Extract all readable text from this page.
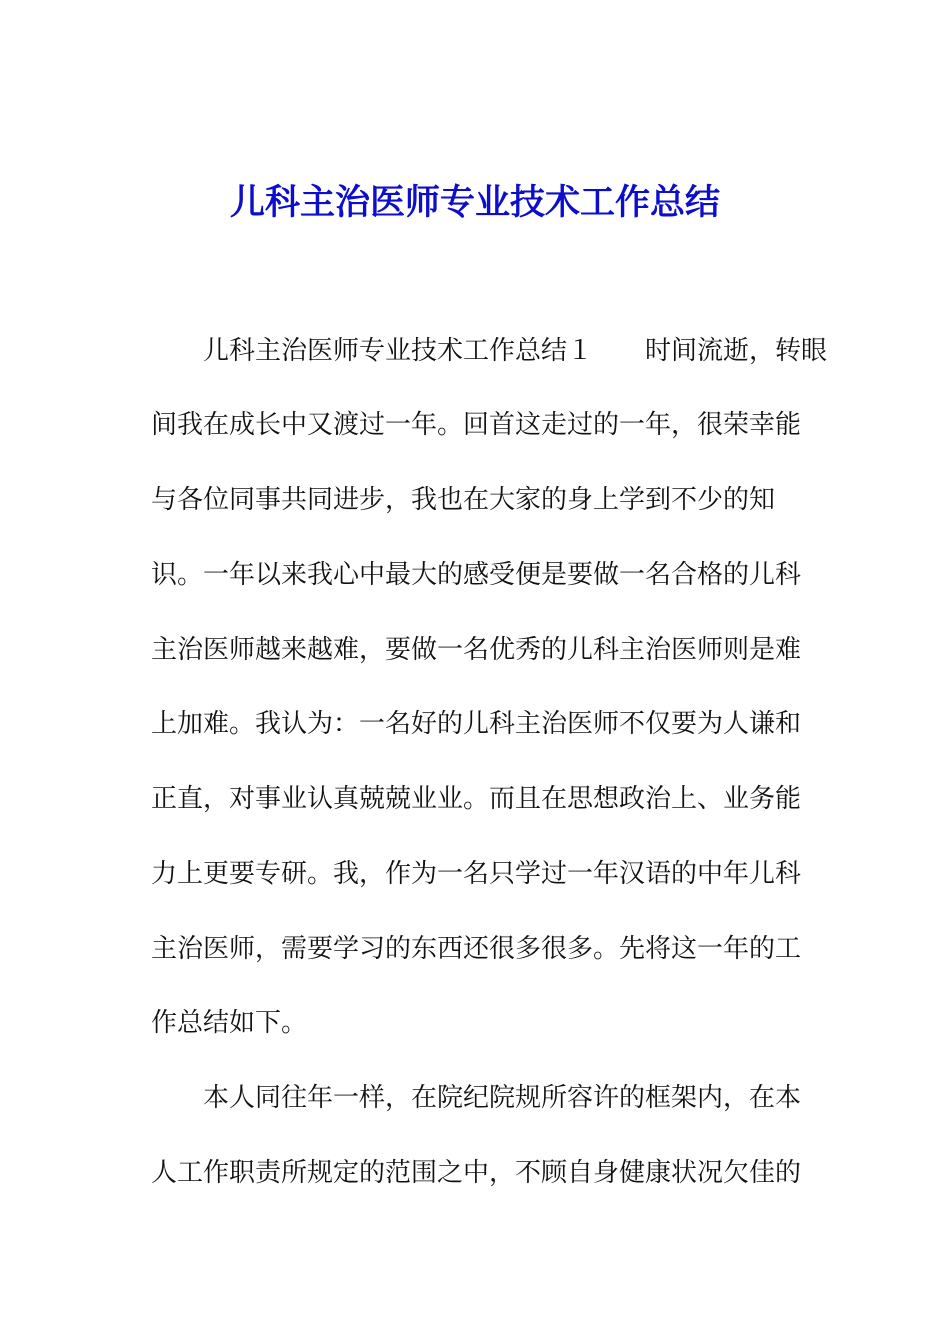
儿科主治医师专业技术工作总结

儿科主治医师专业技术工作总结１ 时间流逝，转眼

间我在成长中又渡过一年。回首这走过的一年，很荣幸能

与各位同事共同进步，我也在大家的身上学到不少的知

识。一年以来我心中最大的感受便是要做一名合格的儿科

主治医师越来越难，要做一名优秀的儿科主治医师则是难

上加难。我认为：一名好的儿科主治医师不仅要为人谦和

正直，对事业认真兢兢业业。而且在思想政治上、业务能

力上更要专研。我，作为一名只学过一年汉语的中年儿科

主治医师，需要学习的东西还很多很多。先将这一年的工

作总结如下。

本人同往年一样，在院纪院规所容许的框架内，在本

人工作职责所规定的范围之中，不顾自身健康状况欠佳的
